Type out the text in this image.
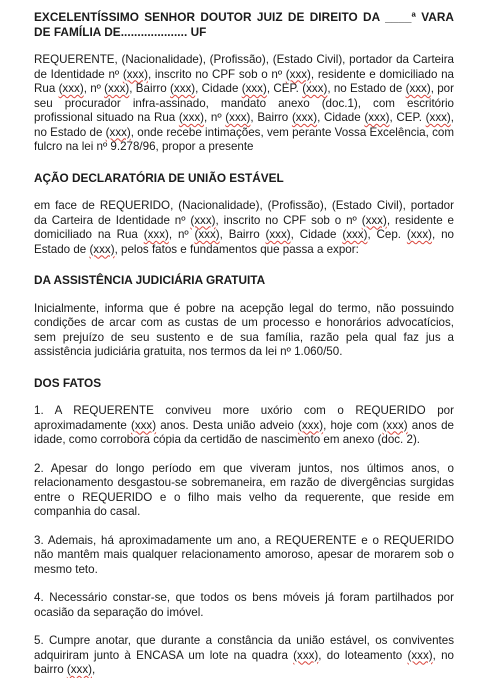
EXCELENTÍSSIMO SENHOR DOUTOR JUIZ DE DIREITO DA ____ª VARA DE FAMÍLIA DE.................... UF

REQUERENTE, (Nacionalidade), (Profissão), (Estado Civil), portador da Carteira de Identidade nº (xxx), inscrito no CPF sob o nº (xxx), residente e domiciliado na Rua (xxx), nº (xxx), Bairro (xxx), Cidade (xxx), CEP. (xxx), no Estado de (xxx), por seu procurador infra-assinado, mandato anexo (doc.1), com escritório profissional situado na Rua (xxx), nº (xxx), Bairro (xxx), Cidade (xxx), CEP. (xxx), no Estado de (xxx), onde recebe intimações, vem perante Vossa Excelência, com fulcro na lei nº 9.278/96, propor a presente

AÇÃO DECLARATÓRIA DE UNIÃO ESTÁVEL

em face de REQUERIDO, (Nacionalidade), (Profissão), (Estado Civil), portador da Carteira de Identidade nº (xxx), inscrito no CPF sob o nº (xxx), residente e domiciliado na Rua (xxx), nº (xxx), Bairro (xxx), Cidade (xxx), Cep. (xxx), no Estado de (xxx), pelos fatos e fundamentos que passa a expor:

DA ASSISTÊNCIA JUDICIÁRIA GRATUITA

Inicialmente, informa que é pobre na acepção legal do termo, não possuindo condições de arcar com as custas de um processo e honorários advocatícios, sem prejuízo de seu sustento e de sua família, razão pela qual faz jus a assistência judiciária gratuita, nos termos da lei nº 1.060/50.

DOS FATOS

1. A REQUERENTE conviveu more uxório com o REQUERIDO por aproximadamente (xxx) anos. Desta união adveio (xxx), hoje com (xxx) anos de idade, como corrobora cópia da certidão de nascimento em anexo (doc. 2).

2. Apesar do longo período em que viveram juntos, nos últimos anos, o relacionamento desgastou-se sobremaneira, em razão de divergências surgidas entre o REQUERIDO e o filho mais velho da requerente, que reside em companhia do casal.

3. Ademais, há aproximadamente um ano, a REQUERENTE e o REQUERIDO não mantêm mais qualquer relacionamento amoroso, apesar de morarem sob o mesmo teto.

4. Necessário constar-se, que todos os bens móveis já foram partilhados por ocasião da separação do imóvel.

5. Cumpre anotar, que durante a constância da união estável, os conviventes adquiriram junto à ENCASA um lote na quadra (xxx), do loteamento (xxx), no bairro (xxx),
